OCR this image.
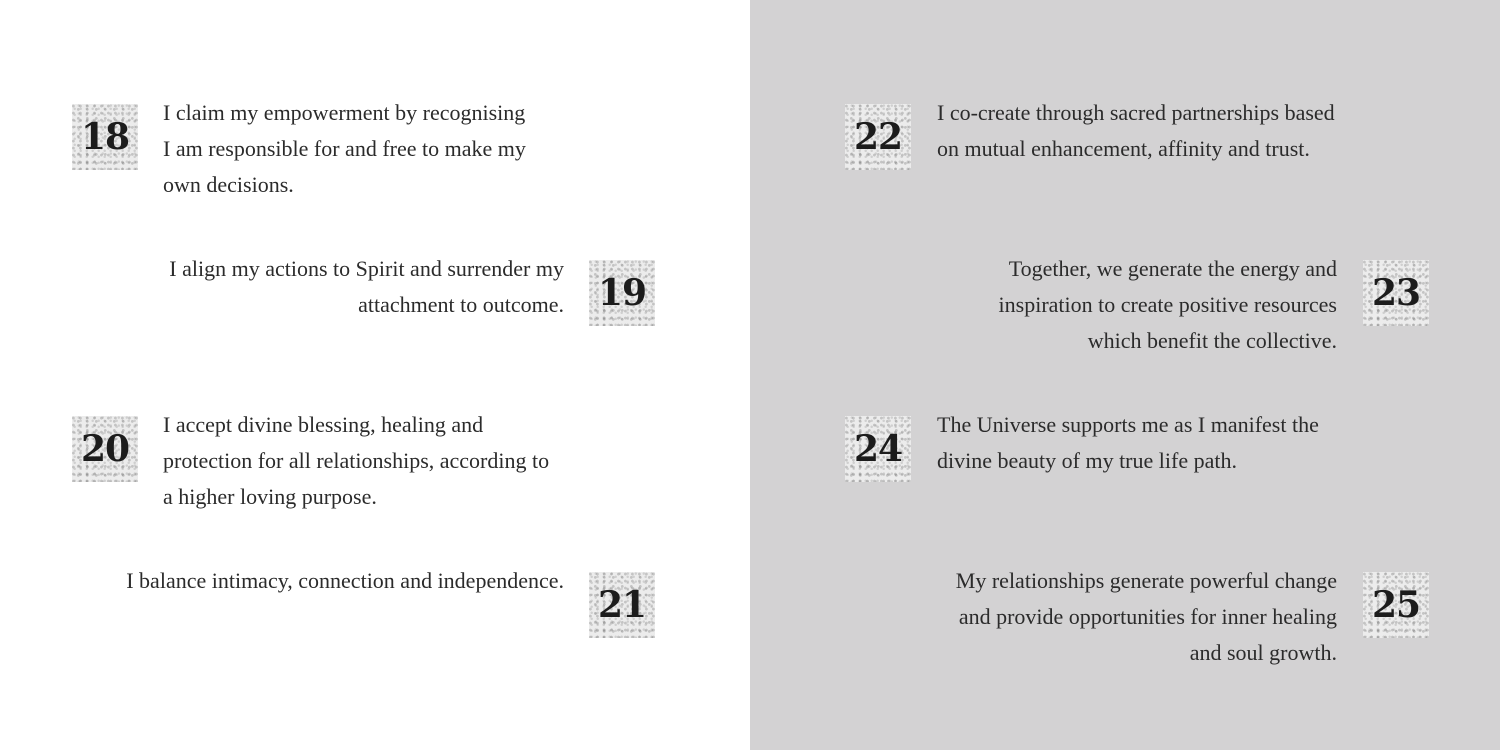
18
I claim my empowerment by recognising
I am responsible for and free to make my
own decisions.
19
I align my actions to Spirit and surrender my
attachment to outcome.
20
I accept divine blessing, healing and
protection for all relationships, according to
a higher loving purpose.
21
I balance intimacy, connection and independence.
22
I co-create through sacred partnerships based
on mutual enhancement, affinity and trust.
23
Together, we generate the energy and
inspiration to create positive resources
which benefit the collective.
24
The Universe supports me as I manifest the
divine beauty of my true life path.
25
My relationships generate powerful change
and provide opportunities for inner healing
and soul growth.
